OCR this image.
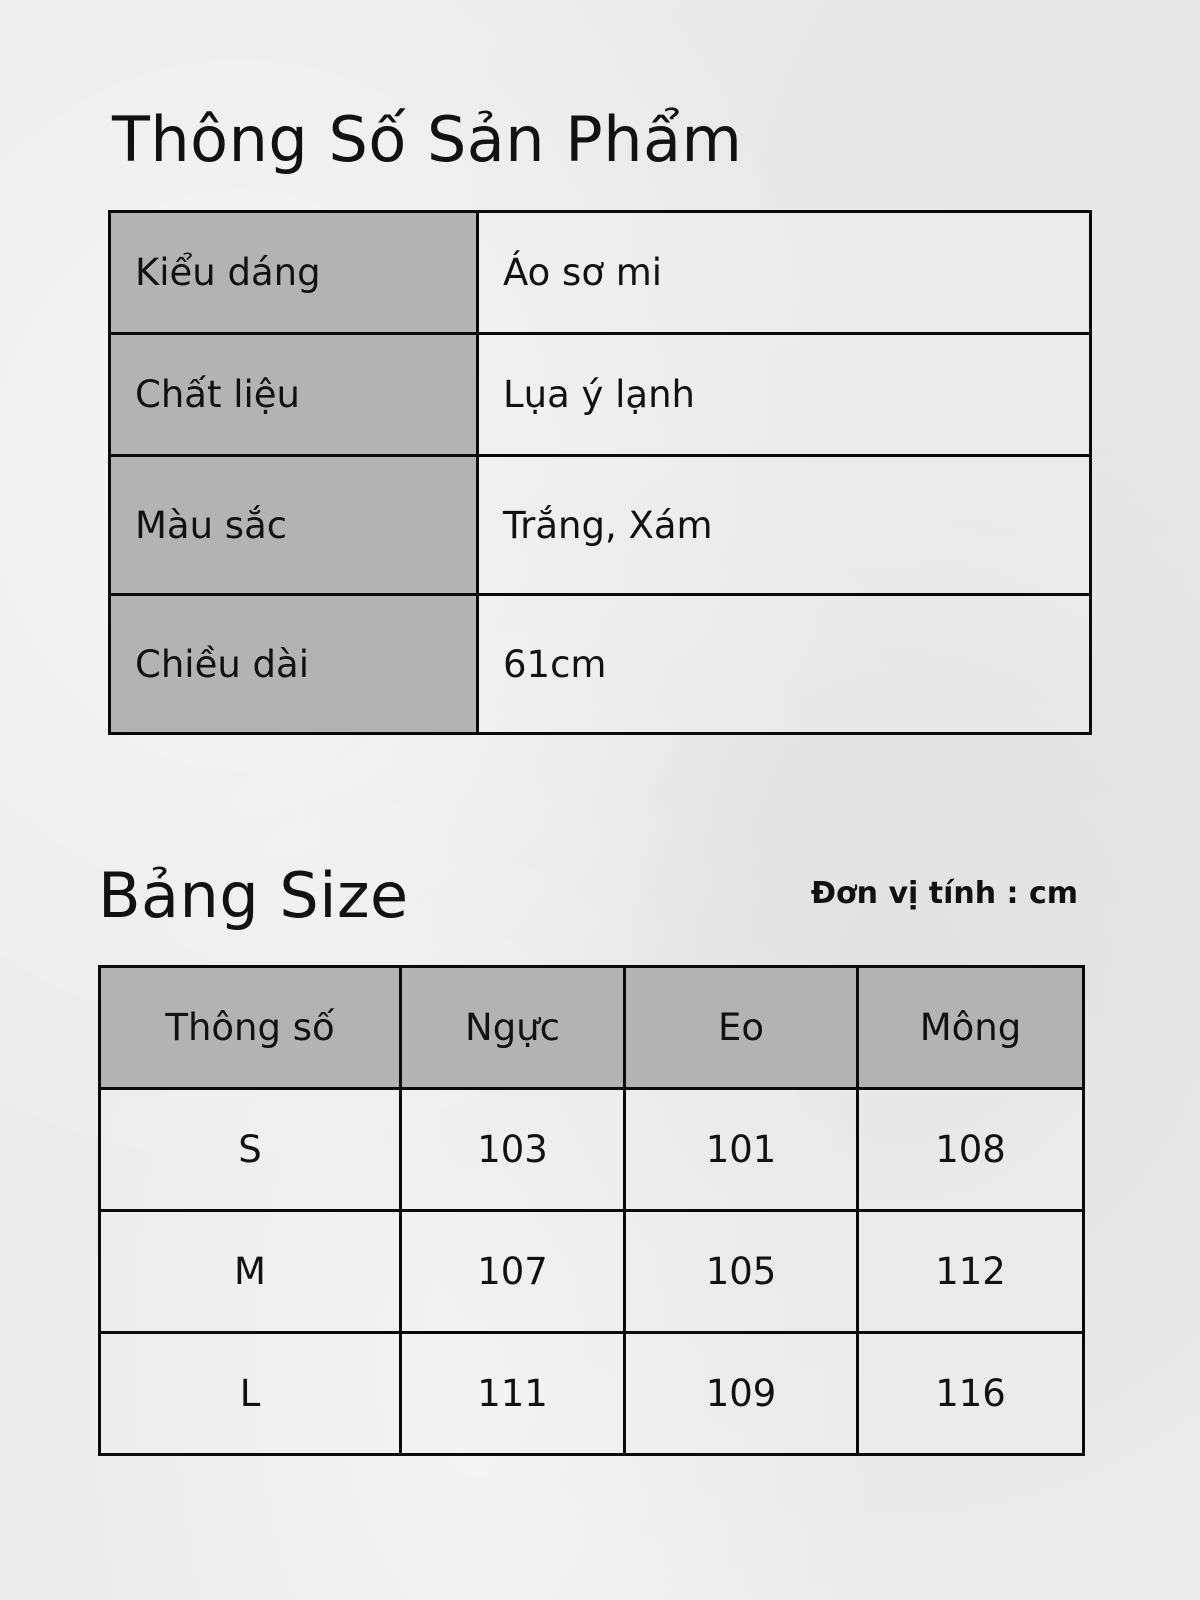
Thông Số Sản Phẩm
Kiểu dáng	Áo sơ mi
Chất liệu	Lụa ý lạnh
Màu sắc	Trắng, Xám
Chiều dài	61cm
Bảng Size	Đơn vị tính : cm
Thông số	Ngực	Eo	Mông
S	103	101	108
M	107	105	112
L	111	109	116
